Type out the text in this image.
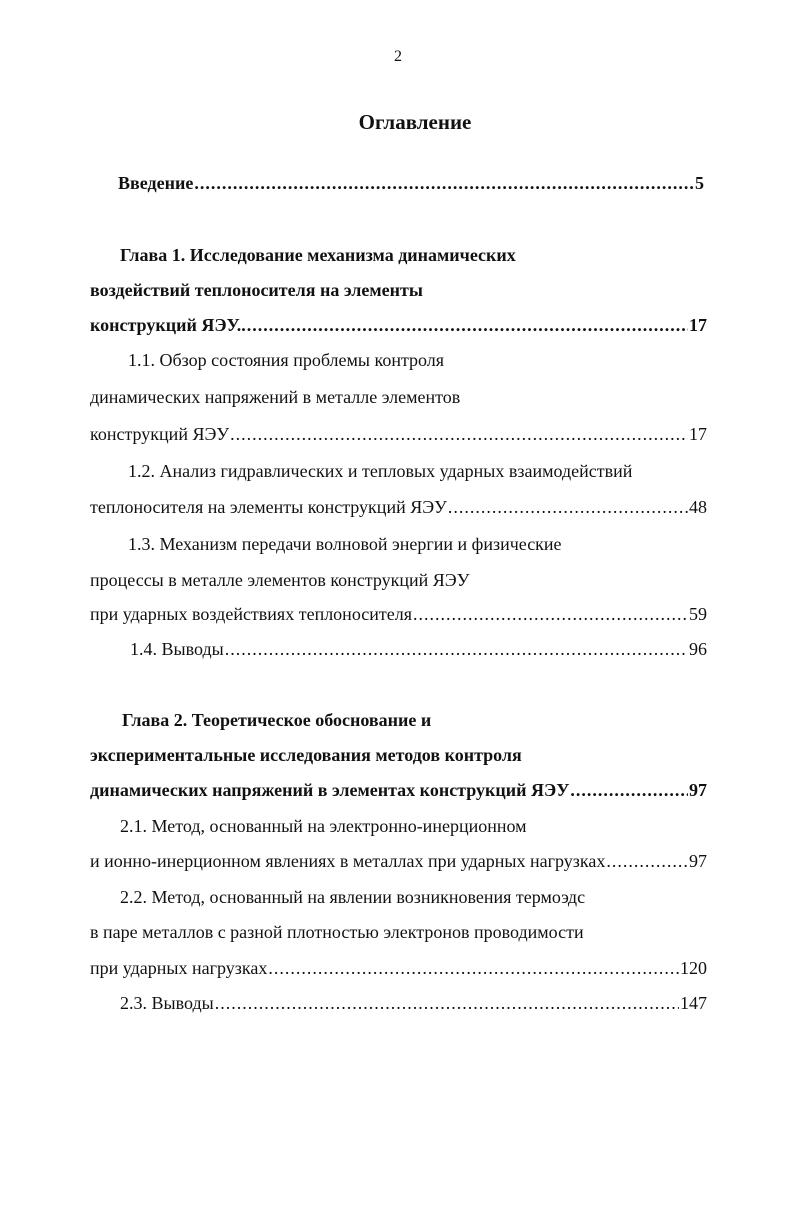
2
Оглавление
Введение .....	5
Глава 1. Исследование механизма динамических
воздействий теплоносителя на элементы
конструкций ЯЭУ.. .....	17
1.1. Обзор состояния проблемы контроля
динамических напряжений в металле элементов
конструкций ЯЭУ .....	17
1.2. Анализ гидравлических и тепловых ударных взаимодействий
теплоносителя на элементы конструкций ЯЭУ .....	48
1.3. Механизм передачи волновой энергии и физические
процессы в металле элементов конструкций ЯЭУ
при ударных воздействиях теплоносителя .....	59
1.4. Выводы .....	96
Глава 2. Теоретическое обоснование и
экспериментальные исследования методов контроля
динамических напряжений в элементах конструкций ЯЭУ .....	97
2.1. Метод, основанный на электронно-инерционном
и ионно-инерционном явлениях в металлах при ударных нагрузках .....	97
2.2. Метод, основанный на явлении возникновения термоэдс
в паре металлов с разной плотностью электронов проводимости
при ударных нагрузках .....	120
2.3. Выводы .....	147
